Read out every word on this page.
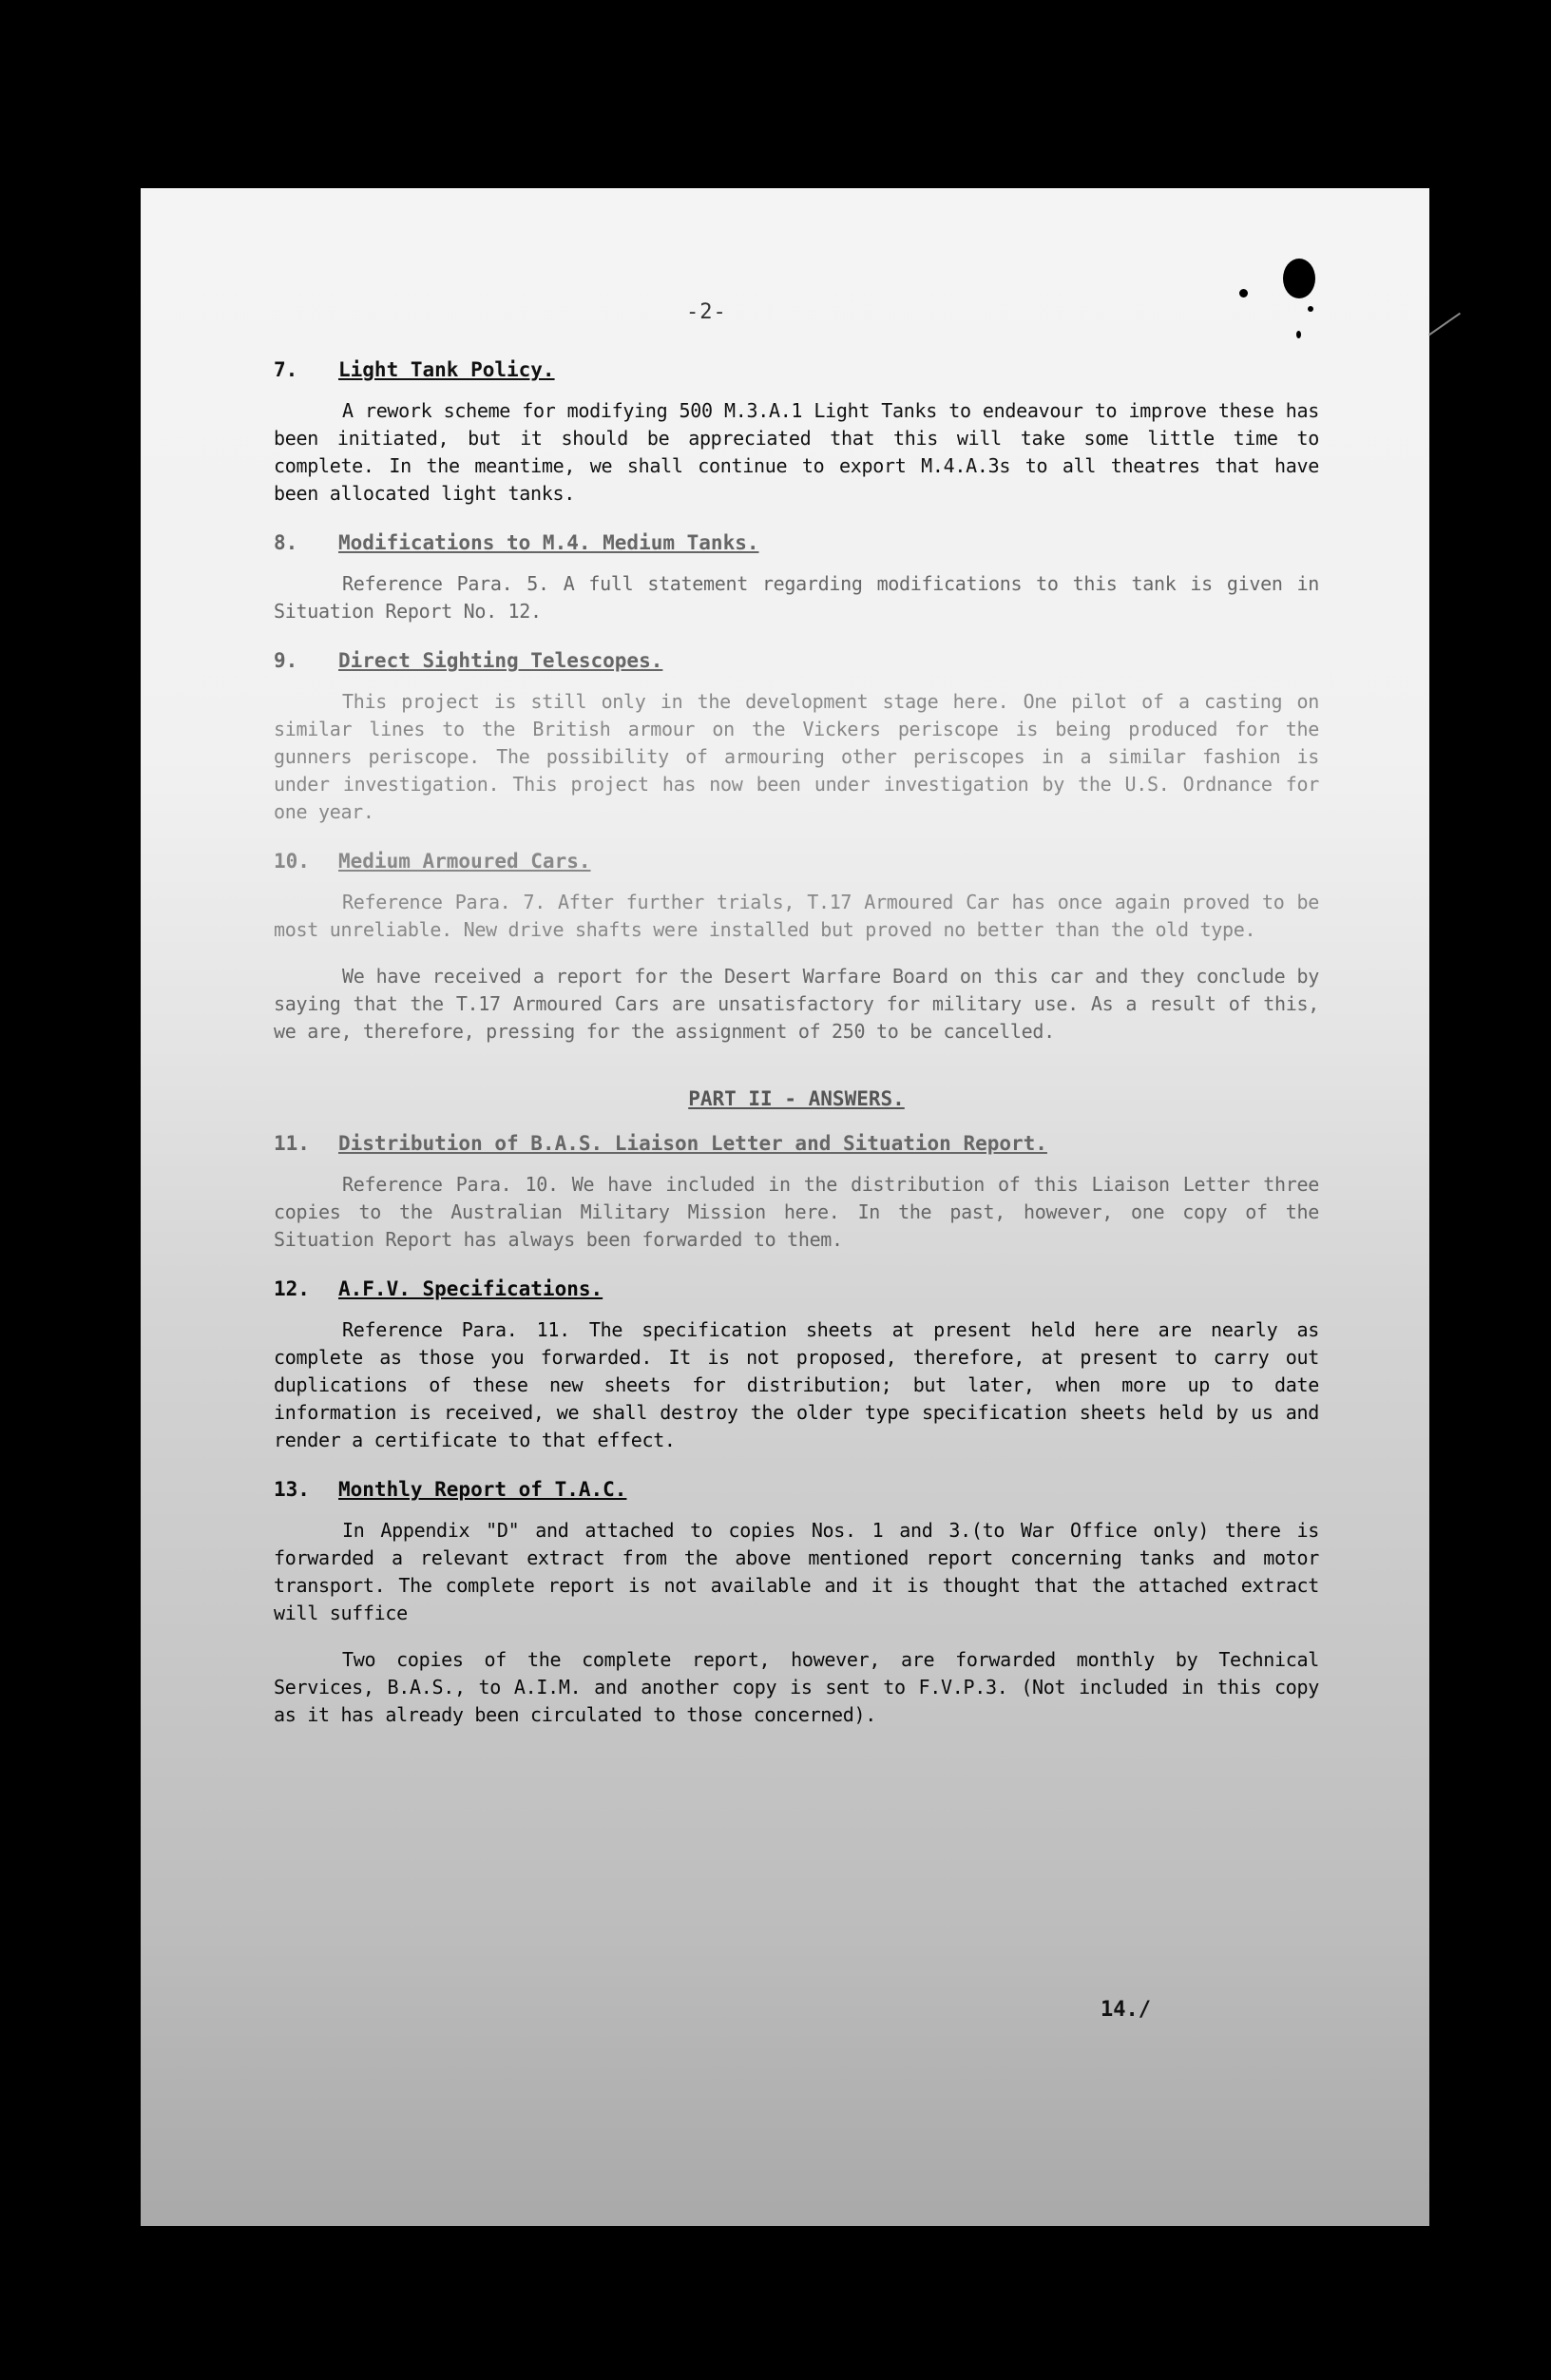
-2-
7.	Light Tank Policy.

A rework scheme for modifying 500 M.3.A.1 Light Tanks to endeavour to improve these has been initiated, but it should be appreciated that this will take some little time to complete. In the meantime, we shall continue to export M.4.A.3s to all theatres that have been allocated light tanks.

8.	Modifications to M.4. Medium Tanks.

Reference Para. 5. A full statement regarding modifications to this tank is given in Situation Report No. 12.

9.	Direct Sighting Telescopes.

This project is still only in the development stage here. One pilot of a casting on similar lines to the British armour on the Vickers periscope is being produced for the gunners periscope. The possibility of armouring other periscopes in a similar fashion is under investigation. This project has now been under investigation by the U.S. Ordnance for one year.

10.	Medium Armoured Cars.

Reference Para. 7. After further trials, T.17 Armoured Car has once again proved to be most unreliable. New drive shafts were installed but proved no better than the old type.

We have received a report for the Desert Warfare Board on this car and they conclude by saying that the T.17 Armoured Cars are unsatisfactory for military use. As a result of this, we are, therefore, pressing for the assignment of 250 to be cancelled.

PART II - ANSWERS.
11.	Distribution of B.A.S. Liaison Letter and Situation Report.

Reference Para. 10. We have included in the distribution of this Liaison Letter three copies to the Australian Military Mission here. In the past, however, one copy of the Situation Report has always been forwarded to them.

12.	A.F.V. Specifications.

Reference Para. 11. The specification sheets at present held here are nearly as complete as those you forwarded. It is not proposed, therefore, at present to carry out duplications of these new sheets for distribution; but later, when more up to date information is received, we shall destroy the older type specification sheets held by us and render a certificate to that effect.

13.	Monthly Report of T.A.C.

In Appendix "D" and attached to copies Nos. 1 and 3.(to War Office only) there is forwarded a relevant extract from the above mentioned report concerning tanks and motor transport. The complete report is not available and it is thought that the attached extract will suffice

Two copies of the complete report, however, are forwarded monthly by Technical Services, B.A.S., to A.I.M. and another copy is sent to F.V.P.3. (Not included in this copy as it has already been circulated to those concerned).

14./
